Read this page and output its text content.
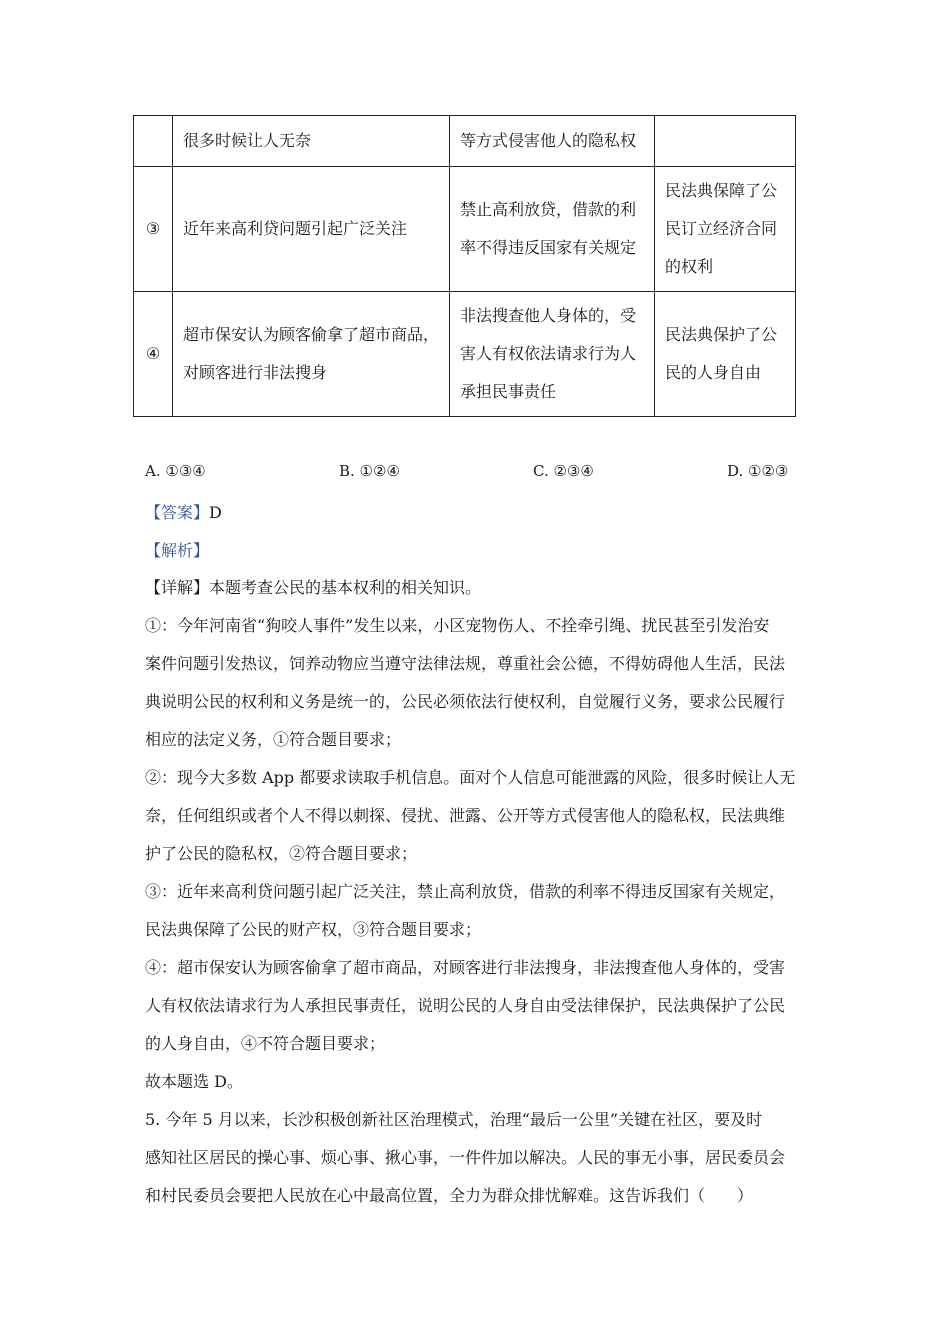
	很多时候让人无奈	等方式侵害他人的隐私权	
③	近年来高利贷问题引起广泛关注	禁止高利放贷，借款的利率不得违反国家有关规定	民法典保障了公民订立经济合同的权利
④	超市保安认为顾客偷拿了超市商品，对顾客进行非法搜身	非法搜查他人身体的，受害人有权依法请求行为人承担民事责任	民法典保护了公民的人身自由
A. ①③④	B. ①②④	C. ②③④	D. ①②③
【答案】D
【解析】
【详解】本题考查公民的基本权利的相关知识。
①：今年河南省“狗咬人事件”发生以来，小区宠物伤人、不拴牵引绳、扰民甚至引发治安
案件问题引发热议，饲养动物应当遵守法律法规，尊重社会公德，不得妨碍他人生活，民法
典说明公民的权利和义务是统一的，公民必须依法行使权利，自觉履行义务，要求公民履行
相应的法定义务，①符合题目要求；
②：现今大多数 App 都要求读取手机信息。面对个人信息可能泄露的风险，很多时候让人无
奈，任何组织或者个人不得以刺探、侵扰、泄露、公开等方式侵害他人的隐私权，民法典维
护了公民的隐私权，②符合题目要求；
③：近年来高利贷问题引起广泛关注，禁止高利放贷，借款的利率不得违反国家有关规定，
民法典保障了公民的财产权，③符合题目要求；
④：超市保安认为顾客偷拿了超市商品，对顾客进行非法搜身，非法搜查他人身体的，受害
人有权依法请求行为人承担民事责任，说明公民的人身自由受法律保护，民法典保护了公民
的人身自由，④不符合题目要求；
故本题选 D。
5. 今年 5 月以来，长沙积极创新社区治理模式，治理“最后一公里”关键在社区，要及时
感知社区居民的操心事、烦心事、揪心事，一件件加以解决。人民的事无小事，居民委员会
和村民委员会要把人民放在心中最高位置，全力为群众排忧解难。这告诉我们（　　）
